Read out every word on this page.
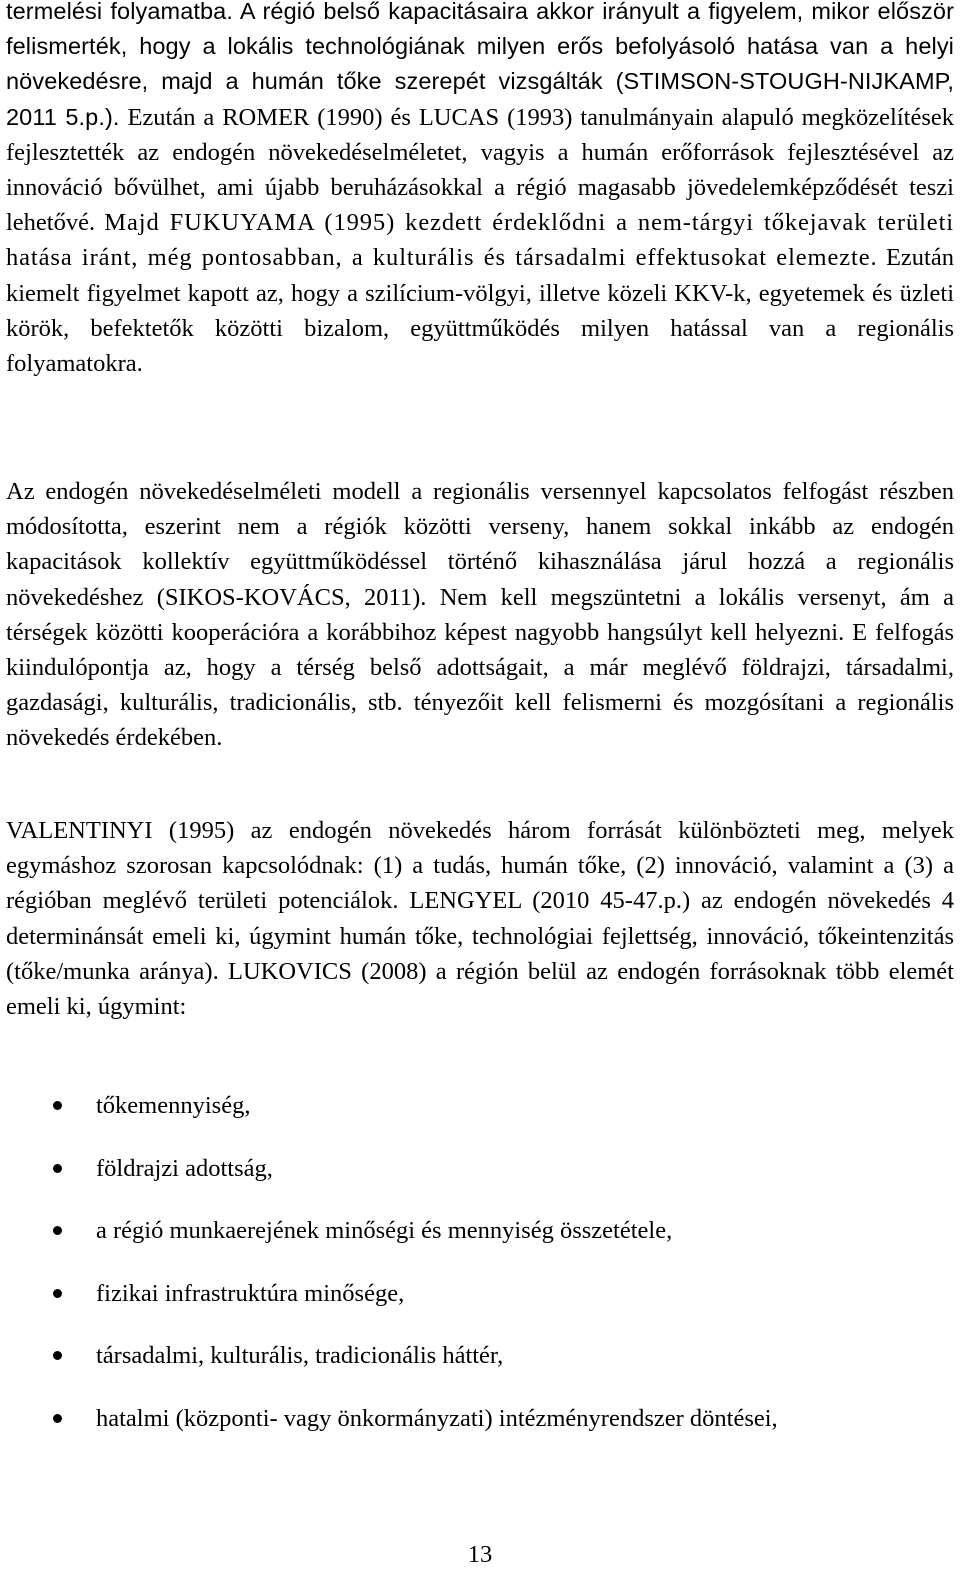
termelési folyamatba. A régió belső kapacitásaira akkor irányult a figyelem, mikor először felismerték, hogy a lokális technológiának milyen erős befolyásoló hatása van a helyi növekedésre, majd a humán tőke szerepét vizsgálták (STIMSON-STOUGH-NIJKAMP, 2011 5.p.). Ezután a ROMER (1990) és LUCAS (1993) tanulmányain alapuló megközelítések fejlesztették az endogén növekedéselméletet, vagyis a humán erőforrások fejlesztésével az innováció bővülhet, ami újabb beruházásokkal a régió magasabb jövedelemképződését teszi lehetővé. Majd FUKUYAMA (1995) kezdett érdeklődni a nem-tárgyi tőkejavak területi hatása iránt, még pontosabban, a kulturális és társadalmi effektusokat elemezte. Ezután kiemelt figyelmet kapott az, hogy a szilícium-völgyi, illetve közeli KKV-k, egyetemek és üzleti körök, befektetők közötti bizalom, együttműködés milyen hatással van a regionális folyamatokra.

Az endogén növekedéselméleti modell a regionális versennyel kapcsolatos felfogást részben módosította, eszerint nem a régiók közötti verseny, hanem sokkal inkább az endogén kapacitások kollektív együttműködéssel történő kihasználása járul hozzá a regionális növekedéshez (SIKOS-KOVÁCS, 2011). Nem kell megszüntetni a lokális versenyt, ám a térségek közötti kooperációra a korábbihoz képest nagyobb hangsúlyt kell helyezni. E felfogás kiindulópontja az, hogy a térség belső adottságait, a már meglévő földrajzi, társadalmi, gazdasági, kulturális, tradicionális, stb. tényezőit kell felismerni és mozgósítani a regionális növekedés érdekében.

VALENTINYI (1995) az endogén növekedés három forrását különbözteti meg, melyek egymáshoz szorosan kapcsolódnak: (1) a tudás, humán tőke, (2) innováció, valamint a (3) a régióban meglévő területi potenciálok. LENGYEL (2010 45-47.p.) az endogén növekedés 4 determinánsát emeli ki, úgymint humán tőke, technológiai fejlettség, innováció, tőkeintenzitás (tőke/munka aránya). LUKOVICS (2008) a régión belül az endogén forrásoknak több elemét emeli ki, úgymint:

tőkemennyiség,
földrajzi adottság,
a régió munkaerejének minőségi és mennyiség összetétele,
fizikai infrastruktúra minősége,
társadalmi, kulturális, tradicionális háttér,
hatalmi (központi- vagy önkormányzati) intézményrendszer döntései,
13
